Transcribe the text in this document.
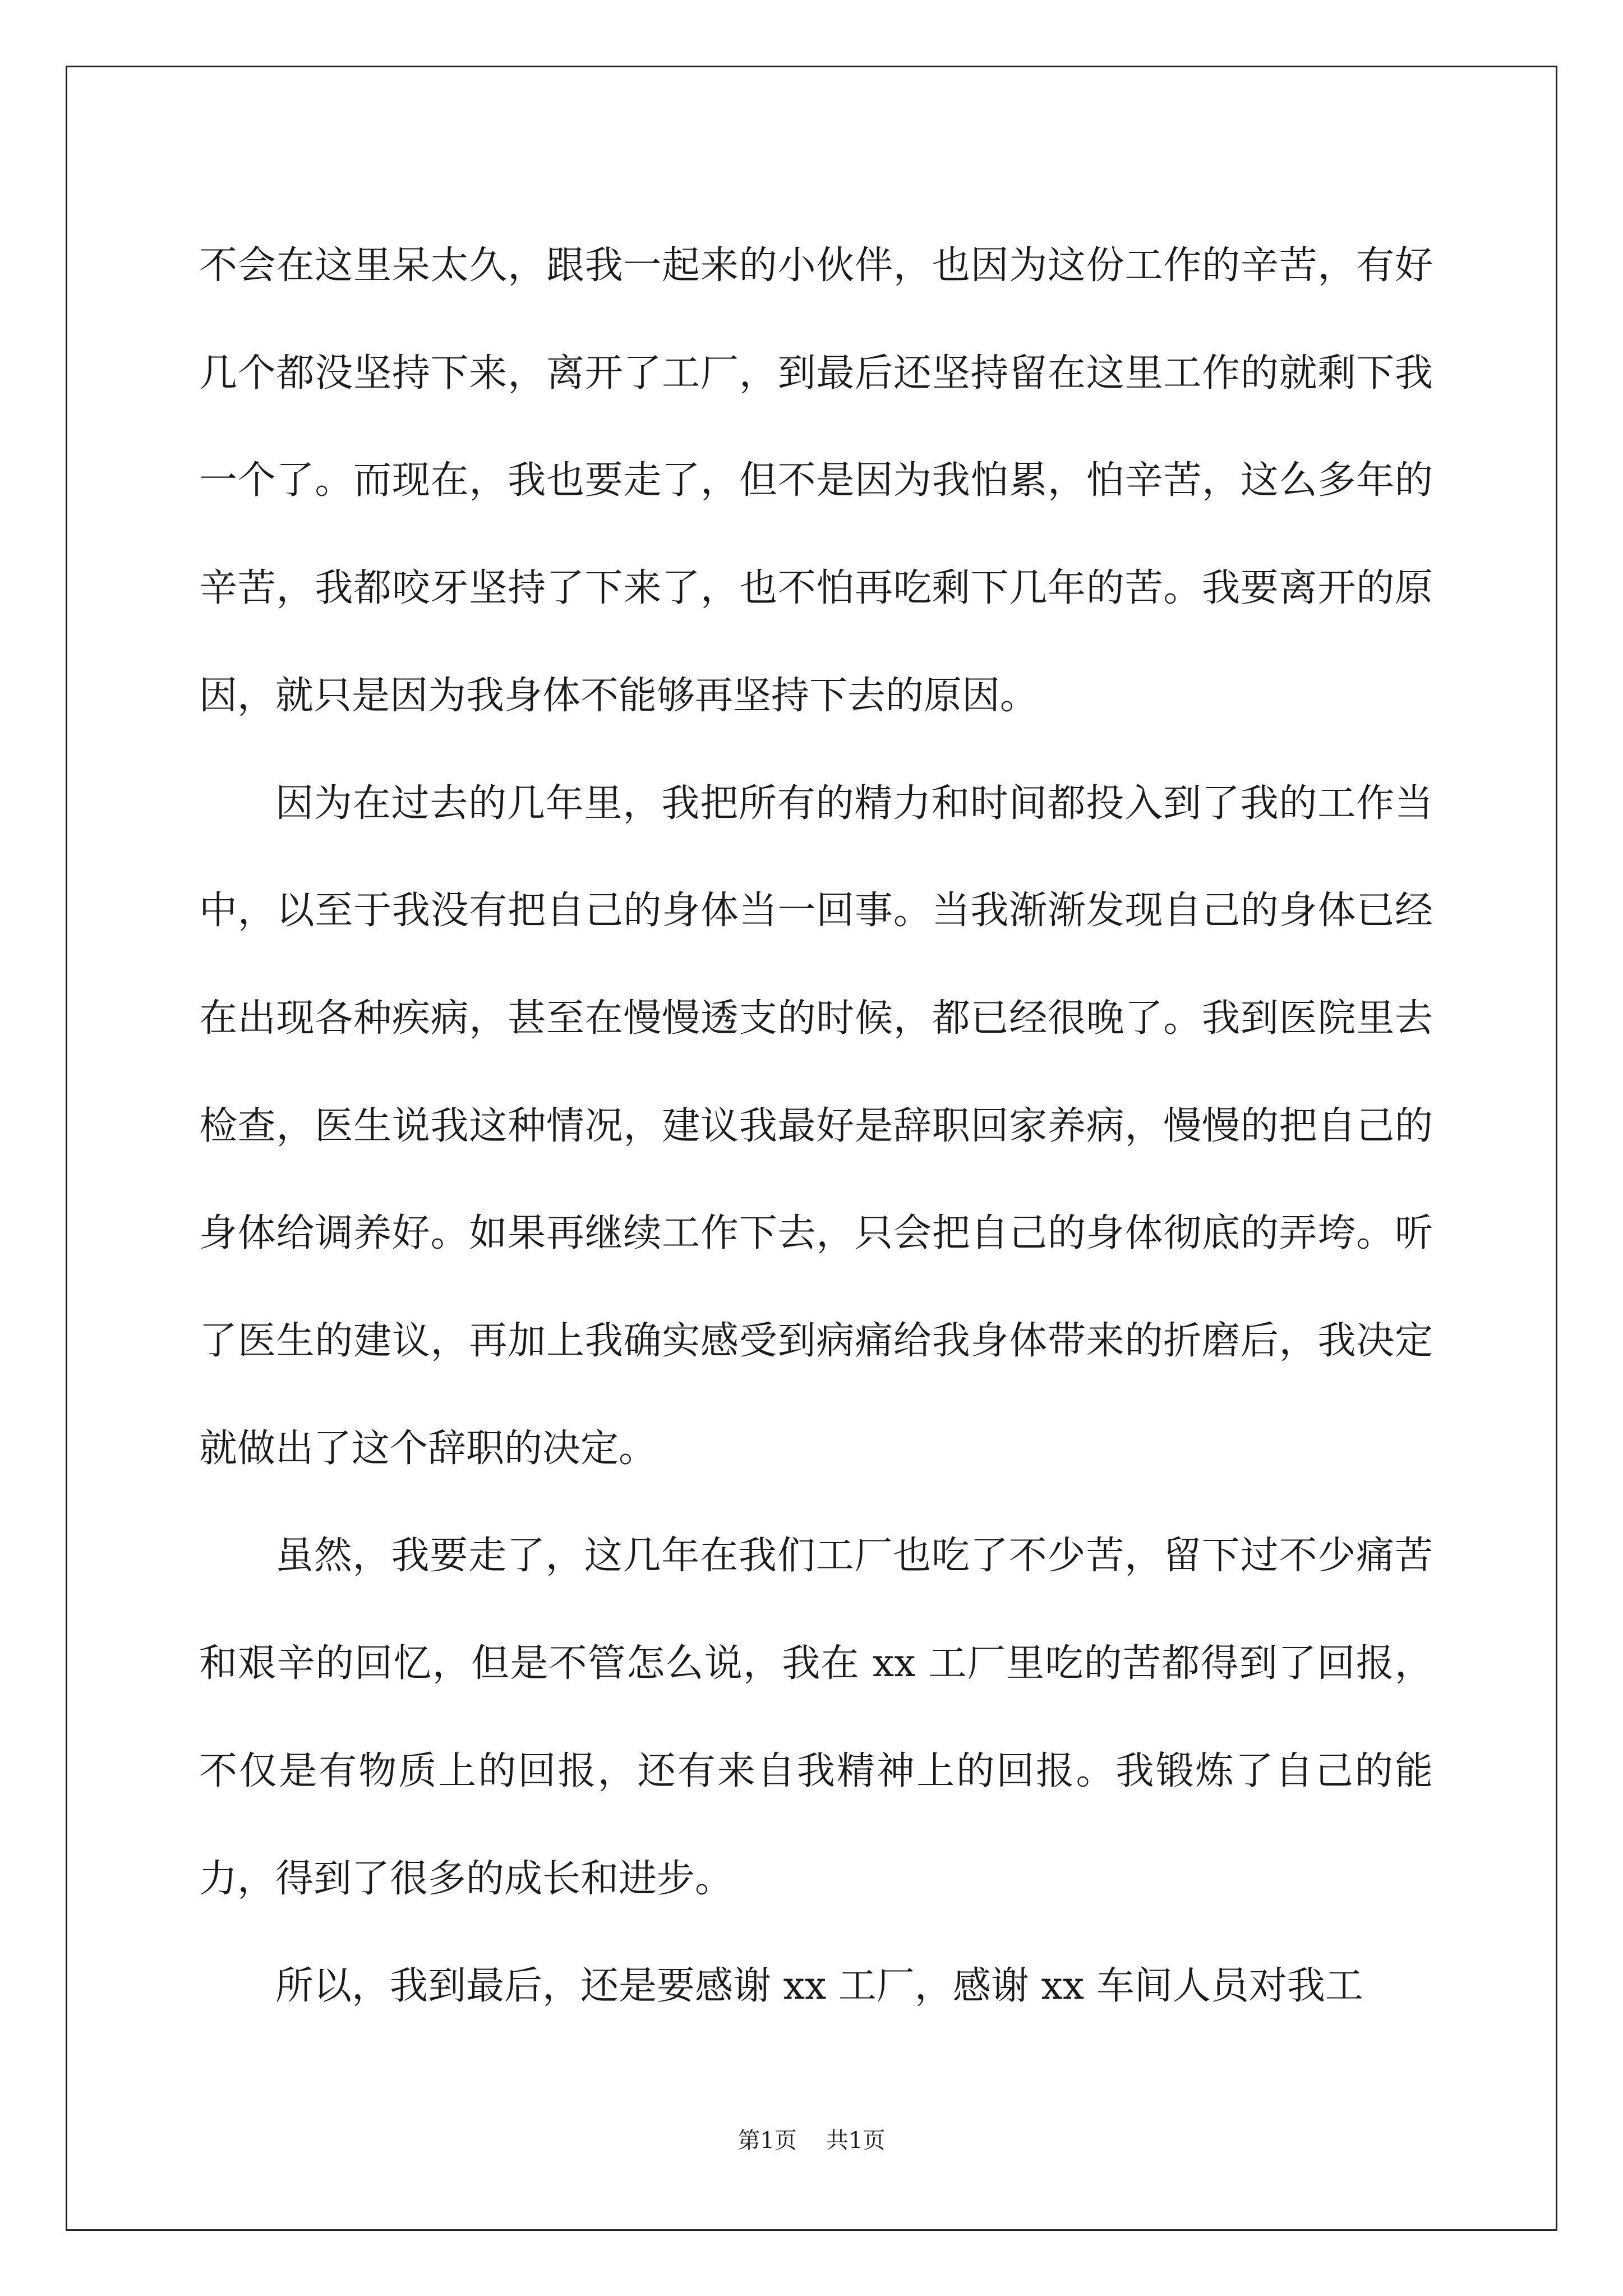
不会在这里呆太久，跟我一起来的小伙伴，也因为这份工作的辛苦，有好几个都没坚持下来，离开了工厂，到最后还坚持留在这里工作的就剩下我一个了。而现在，我也要走了，但不是因为我怕累，怕辛苦，这么多年的辛苦，我都咬牙坚持了下来了，也不怕再吃剩下几年的苦。我要离开的原因，就只是因为我身体不能够再坚持下去的原因。

因为在过去的几年里，我把所有的精力和时间都投入到了我的工作当中，以至于我没有把自己的身体当一回事。当我渐渐发现自己的身体已经在出现各种疾病，甚至在慢慢透支的时候，都已经很晚了。我到医院里去检查，医生说我这种情况，建议我最好是辞职回家养病，慢慢的把自己的身体给调养好。如果再继续工作下去，只会把自己的身体彻底的弄垮。听了医生的建议，再加上我确实感受到病痛给我身体带来的折磨后，我决定就做出了这个辞职的决定。

虽然，我要走了，这几年在我们工厂也吃了不少苦，留下过不少痛苦和艰辛的回忆，但是不管怎么说，我在 xx 工厂里吃的苦都得到了回报，不仅是有物质上的回报，还有来自我精神上的回报。我锻炼了自己的能力，得到了很多的成长和进步。

所以，我到最后，还是要感谢 xx 工厂，感谢 xx 车间人员对我工

第1页 共1页
